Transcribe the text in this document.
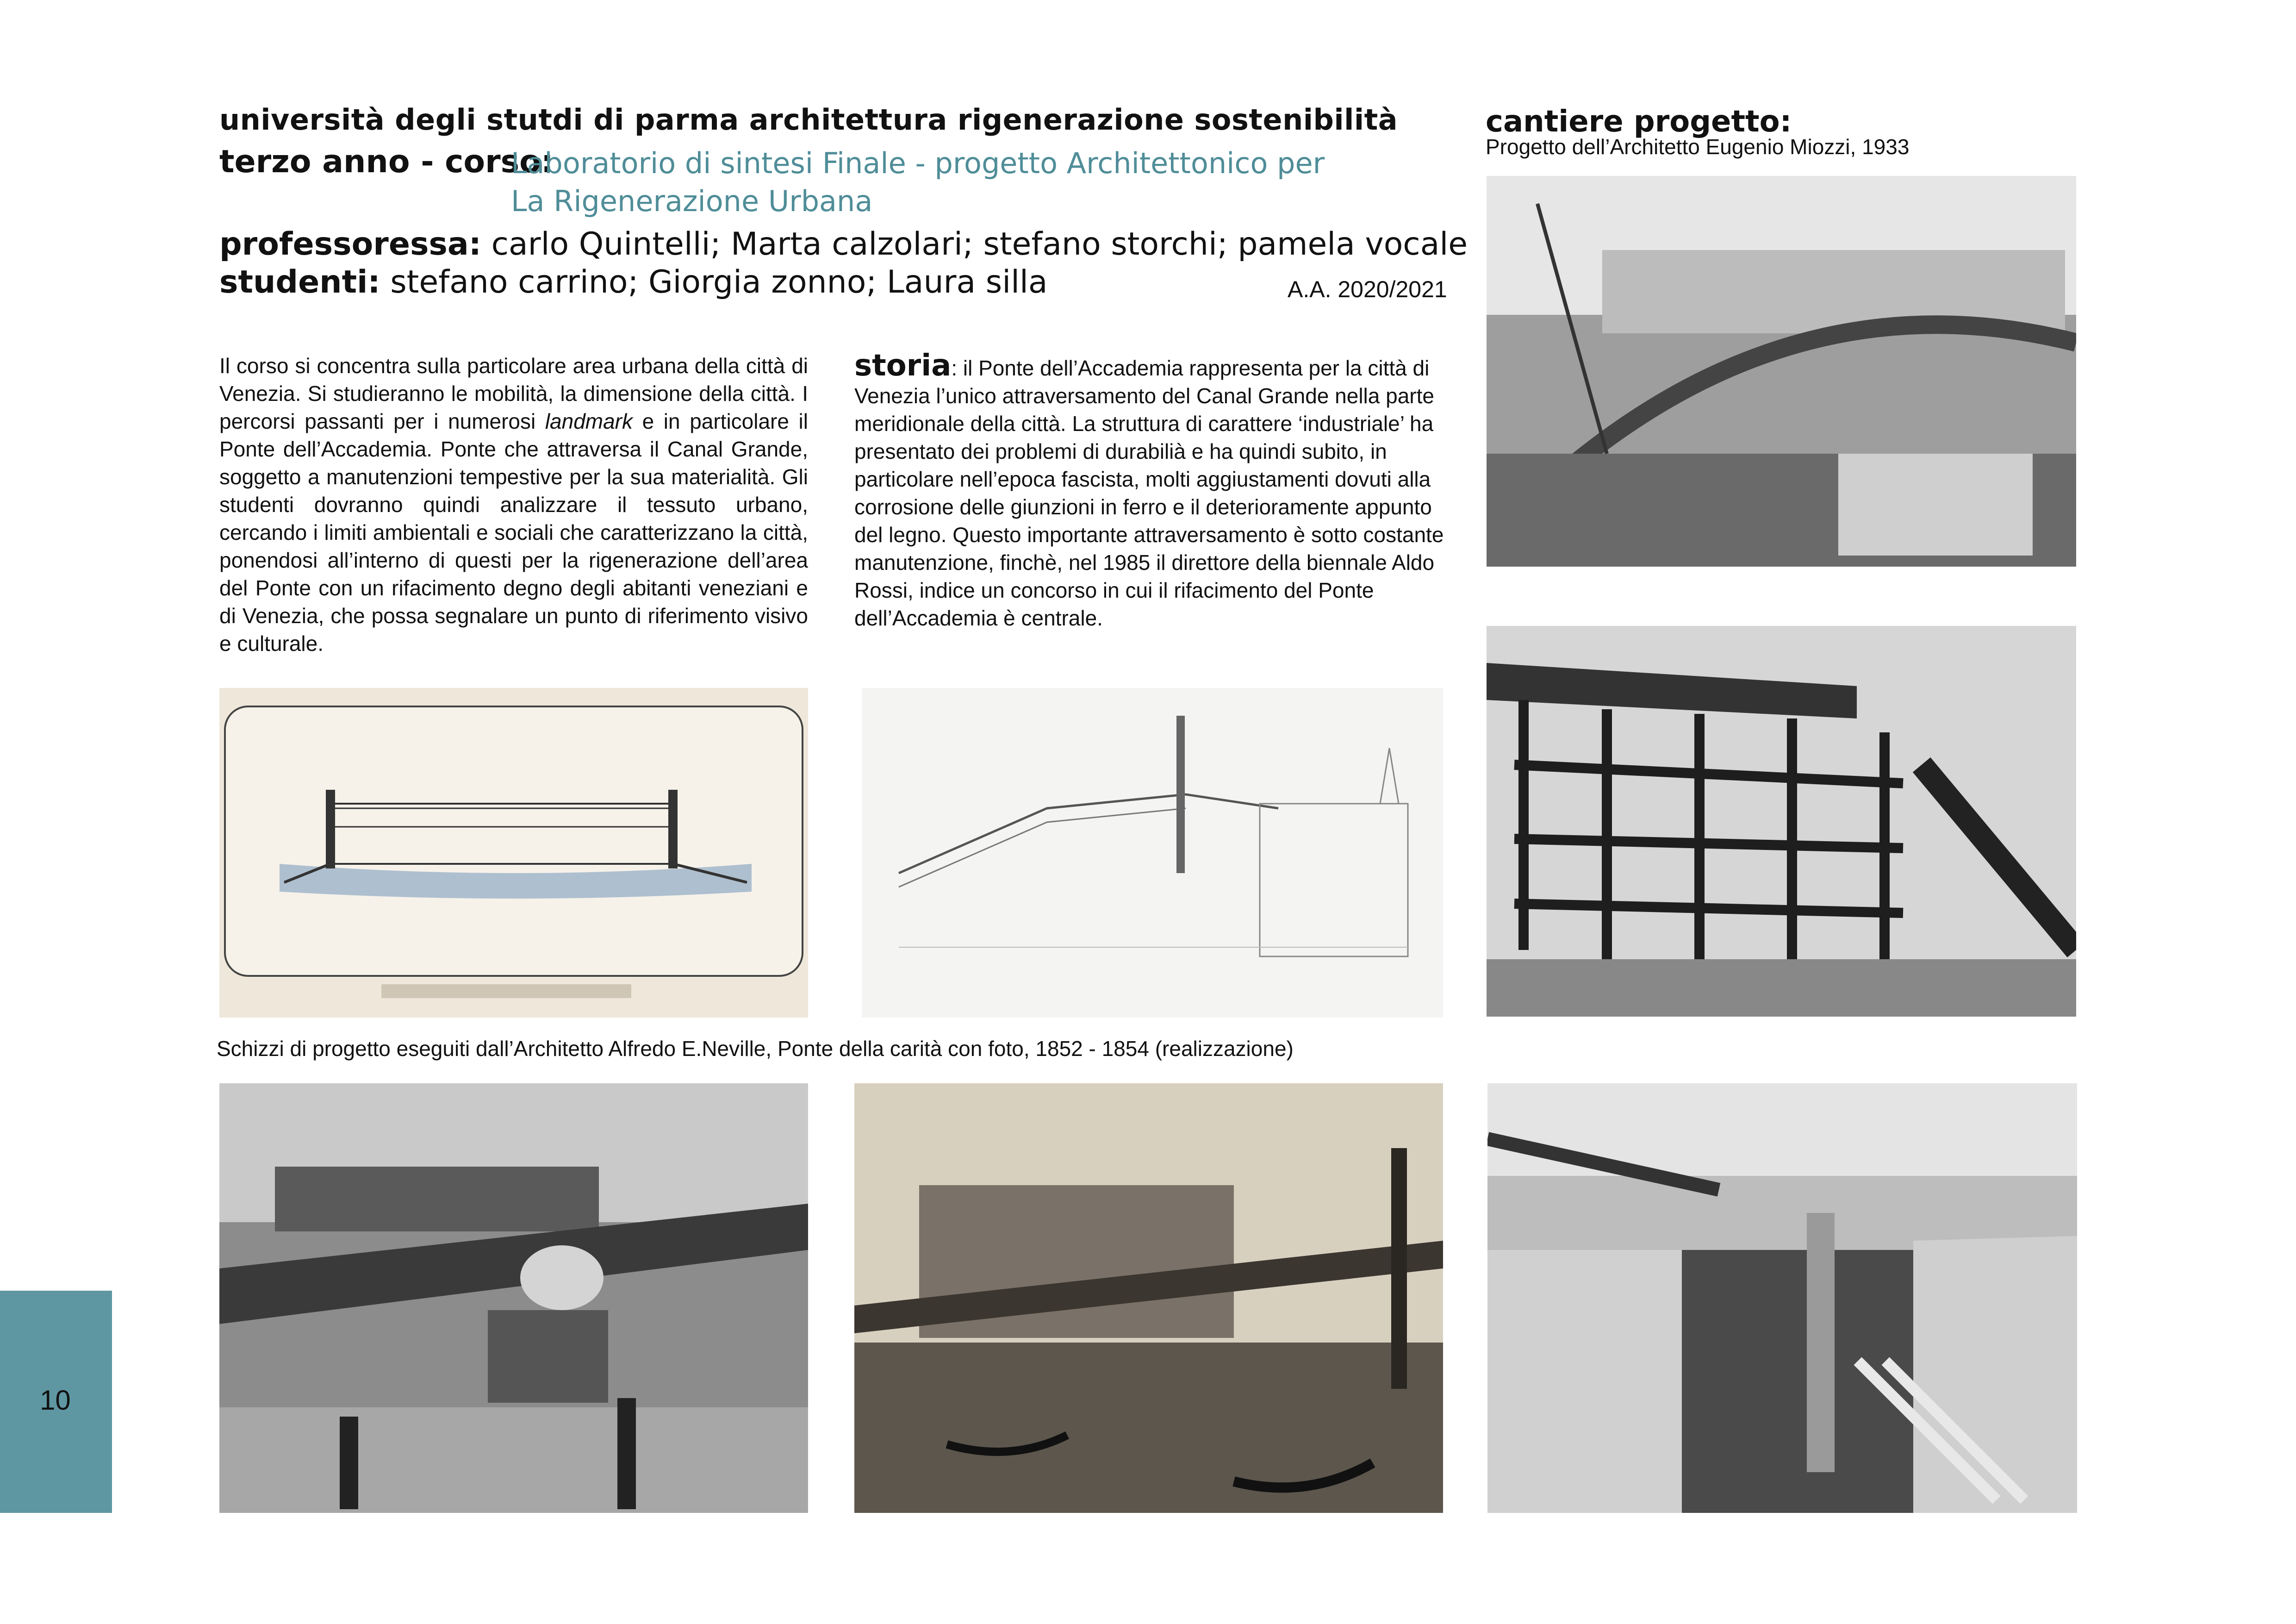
università degli stutdi di parma architettura rigenerazione sostenibilità
terzo anno - corso:
Laboratorio di sintesi Finale - progetto Architettonico per La Rigenerazione Urbana
professoressa: carlo Quintelli; Marta calzolari; stefano storchi; pamela vocale
studenti: stefano carrino; Giorgia zonno; Laura silla	A.A. 2020/2021
cantiere progetto:
Progetto dell’Architetto Eugenio Miozzi, 1933
Il corso si concentra sulla particolare area urbana della città di Venezia. Si studieranno le mobilità, la dimensione della città. I percorsi passanti per i numerosi landmark e in particolare il Ponte dell’Accademia. Ponte che attraversa il Canal Grande, soggetto a manutenzioni tempestive per la sua materialità. Gli studenti dovranno quindi analizzare il tessuto urbano, cercando i limiti ambientali e sociali che caratterizzano la città, ponendosi all’interno di questi per la rigenerazione dell’area del Ponte con un rifacimento degno degli abitanti veneziani e di Venezia, che possa segnalare un punto di riferimento visivo e culturale.
storia: il Ponte dell’Accademia rappresenta per la città di Venezia l’unico attraversamento del Canal Grande nella parte meridionale della città. La struttura di carattere ‘industriale’ ha presentato dei problemi di durabilià e ha quindi subito, in particolare nell’epoca fascista, molti aggiustamenti dovuti alla corrosione delle giunzioni in ferro e il deterioramente appunto del legno. Questo importante attraversamento è sotto costante manutenzione, finchè, nel 1985 il direttore della biennale Aldo Rossi, indice un concorso in cui il rifacimento del Ponte dell’Accademia è centrale.
Schizzi di progetto eseguiti dall’Architetto Alfredo E.Neville, Ponte della carità con foto, 1852 - 1854 (realizzazione)
10
